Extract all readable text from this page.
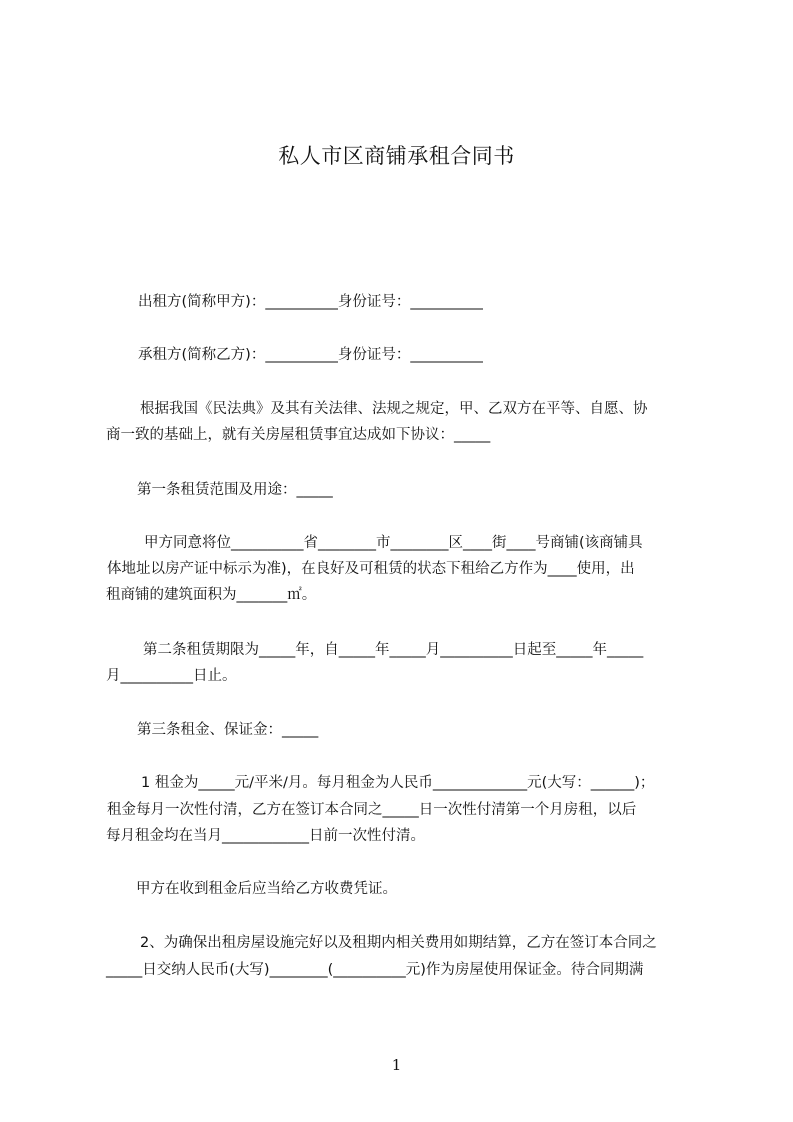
私人市区商铺承租合同书
出租方(简称甲方)：__________身份证号：__________
承租方(简称乙方)：__________身份证号：__________
根据我国《民法典》及其有关法律、法规之规定，甲、乙双方在平等、自愿、协
商一致的基础上，就有关房屋租赁事宜达成如下协议：_____
第一条租赁范围及用途：_____
甲方同意将位__________省________市________区____街____号商铺(该商铺具
体地址以房产证中标示为准)，在良好及可租赁的状态下租给乙方作为____使用，出
租商铺的建筑面积为_______㎡。
第二条租赁期限为_____年，自_____年_____月__________日起至_____年_____
月__________日止。
第三条租金、保证金：_____
1 租金为_____元/平米/月。每月租金为人民币_____________元(大写：______)；
租金每月一次性付清，乙方在签订本合同之_____日一次性付清第一个月房租，以后
每月租金均在当月____________日前一次性付清。
甲方在收到租金后应当给乙方收费凭证。
2、为确保出租房屋设施完好以及租期内相关费用如期结算，乙方在签订本合同之
_____日交纳人民币(大写)________(__________元)作为房屋使用保证金。待合同期满
1
